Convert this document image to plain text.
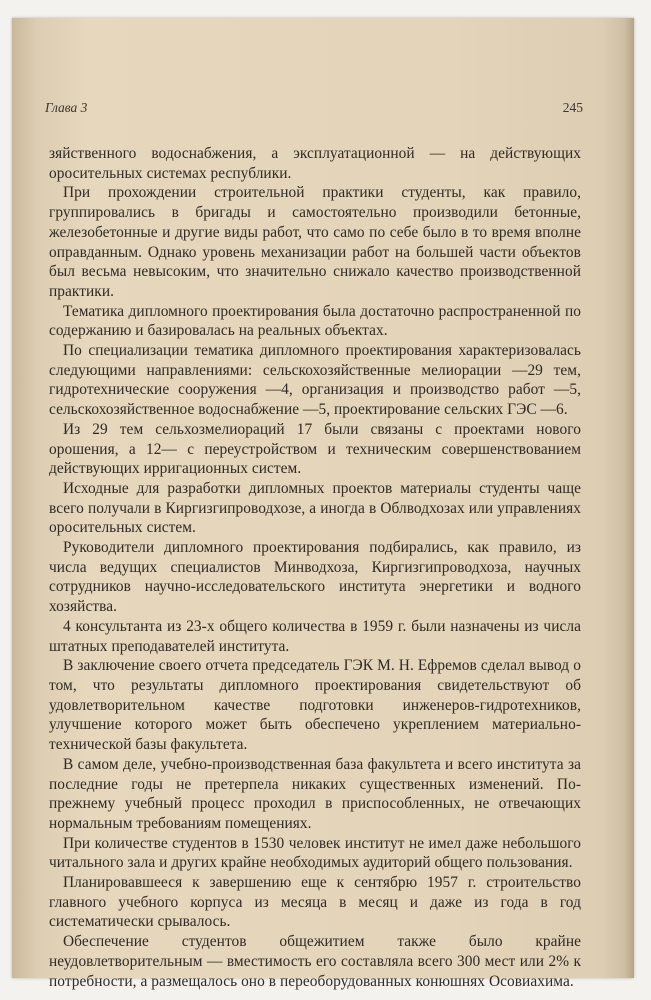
Глава 3	245

зяйственного водоснабжения, а эксплуатационной — на действующих оросительных системах республики.

При прохождении строительной практики студенты, как правило, группировались в бригады и самостоятельно производили бетонные, железобетонные и другие виды работ, что само по себе было в то время вполне оправданным. Однако уровень механизации работ на большей части объектов был весьма невысоким, что значительно снижало качество производственной практики.

Тематика дипломного проектирования была достаточно распространенной по содержанию и базировалась на реальных объектах.

По специализации тематика дипломного проектирования характеризовалась следующими направлениями: сельскохозяйственные мелиорации —29 тем, гидротехнические сооружения —4, организация и производство работ —5, сельскохозяйственное водоснабжение —5, проектирование сельских ГЭС —6.

Из 29 тем сельхозмелиораций 17 были связаны с проектами нового орошения, а 12— с переустройством и техническим совершенствованием действующих ирригационных систем.

Исходные для разработки дипломных проектов материалы студенты чаще всего получали в Киргизгипроводхозе, а иногда в Облводхозах или управлениях оросительных систем.

Руководители дипломного проектирования подбирались, как правило, из числа ведущих специалистов Минводхоза, Киргизгипроводхоза, научных сотрудников научно-исследовательского института энергетики и водного хозяйства.

4 консультанта из 23-х общего количества в 1959 г. были назначены из числа штатных преподавателей института.

В заключение своего отчета председатель ГЭК М. Н. Ефремов сделал вывод о том, что результаты дипломного проектирования свидетельствуют об удовлетворительном качестве подготовки инженеров-гидротехников, улучшение которого может быть обеспечено укреплением материально-технической базы факультета.

В самом деле, учебно-производственная база факультета и всего института за последние годы не претерпела никаких существенных изменений. По-прежнему учебный процесс проходил в приспособленных, не отвечающих нормальным требованиям помещениях.

При количестве студентов в 1530 человек институт не имел даже небольшого читального зала и других крайне необходимых аудиторий общего пользования.

Планировавшееся к завершению еще к сентябрю 1957 г. строительство главного учебного корпуса из месяца в месяц и даже из года в год систематически срывалось.

Обеспечение студентов общежитием также было крайне неудовлетворительным — вместимость его составляла всего 300 мест или 2% к потребности, а размещалось оно в переоборудованных конюшнях Осовиахима.
